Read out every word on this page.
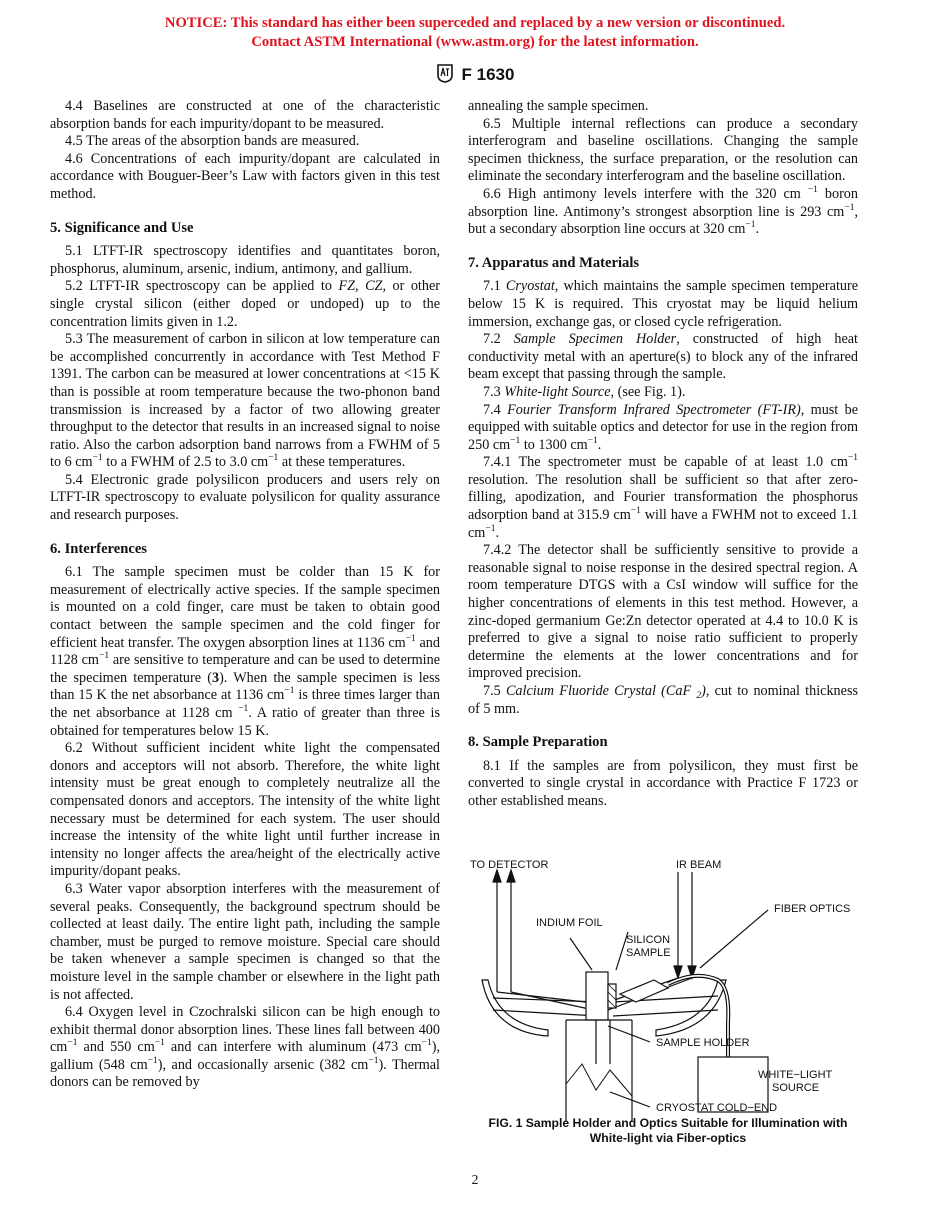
NOTICE: This standard has either been superceded and replaced by a new version or discontinued.
Contact ASTM International (www.astm.org) for the latest information.
F 1630

4.4 Baselines are constructed at one of the characteristic absorption bands for each impurity/dopant to be measured.

4.5 The areas of the absorption bands are measured.

4.6 Concentrations of each impurity/dopant are calculated in accordance with Bouguer-Beer’s Law with factors given in this test method.

5. Significance and Use

5.1 LTFT-IR spectroscopy identifies and quantitates boron, phosphorus, aluminum, arsenic, indium, antimony, and gallium.

5.2 LTFT-IR spectroscopy can be applied to FZ, CZ, or other single crystal silicon (either doped or undoped) up to the concentration limits given in 1.2.

5.3 The measurement of carbon in silicon at low temperature can be accomplished concurrently in accordance with Test Method F 1391. The carbon can be measured at lower concentrations at <15 K than is possible at room temperature because the two-phonon band transmission is increased by a factor of two allowing greater throughput to the detector that results in an increased signal to noise ratio. Also the carbon adsorption band narrows from a FWHM of 5 to 6 $cm^{-1}$ to a FWHM of 2.5 to 3.0 $cm^{-1}$ at these temperatures.

5.4 Electronic grade polysilicon producers and users rely on LTFT-IR spectroscopy to evaluate polysilicon for quality assurance and research purposes.

6. Interferences

6.1 The sample specimen must be colder than 15 K for measurement of electrically active species. If the sample specimen is mounted on a cold finger, care must be taken to obtain good contact between the sample specimen and the cold finger for efficient heat transfer. The oxygen absorption lines at 1136 $cm^{-1}$ and 1128 $cm^{-1}$ are sensitive to temperature and can be used to determine the specimen temperature (3). When the sample specimen is less than 15 K the net absorbance at 1136 $cm^{-1}$ is three times larger than the net absorbance at 1128 cm $^{-1}$. A ratio of greater than three is obtained for temperatures below 15 K.

6.2 Without sufficient incident white light the compensated donors and acceptors will not absorb. Therefore, the white light intensity must be great enough to completely neutralize all the compensated donors and acceptors. The intensity of the white light necessary must be determined for each system. The user should increase the intensity of the white light until further increase in intensity no longer affects the area/height of the electrically active impurity/dopant peaks.

6.3 Water vapor absorption interferes with the measurement of several peaks. Consequently, the background spectrum should be collected at least daily. The entire light path, including the sample chamber, must be purged to remove moisture. Special care should be taken whenever a sample specimen is changed so that the moisture level in the sample chamber or elsewhere in the light path is not affected.

6.4 Oxygen level in Czochralski silicon can be high enough to exhibit thermal donor absorption lines. These lines fall between 400 $cm^{-1}$ and 550 $cm^{-1}$ and can interfere with aluminum (473 $cm^{-1}$), gallium (548 $cm^{-1}$), and occasionally arsenic (382 $cm^{-1}$). Thermal donors can be removed by

annealing the sample specimen.

6.5 Multiple internal reflections can produce a secondary interferogram and baseline oscillations. Changing the sample specimen thickness, the surface preparation, or the resolution can eliminate the secondary interferogram and the baseline oscillation.

6.6 High antimony levels interfere with the 320 cm $^{-1}$ boron absorption line. Antimony’s strongest absorption line is 293 $cm^{-1}$, but a secondary absorption line occurs at 320 $cm^{-1}$.

7. Apparatus and Materials

7.1 Cryostat, which maintains the sample specimen temperature below 15 K is required. This cryostat may be liquid helium immersion, exchange gas, or closed cycle refrigeration.

7.2 Sample Specimen Holder, constructed of high heat conductivity metal with an aperture(s) to block any of the infrared beam except that passing through the sample.

7.3 White-light Source, (see Fig. 1).

7.4 Fourier Transform Infrared Spectrometer (FT-IR), must be equipped with suitable optics and detector for use in the region from 250 $cm^{-1}$ to 1300 $cm^{-1}$.

7.4.1 The spectrometer must be capable of at least 1.0 $cm^{-1}$ resolution. The resolution shall be sufficient so that after zero-filling, apodization, and Fourier transformation the phosphorus adsorption band at 315.9 $cm^{-1}$ will have a FWHM not to exceed 1.1 $cm^{-1}$.

7.4.2 The detector shall be sufficiently sensitive to provide a reasonable signal to noise response in the desired spectral region. A room temperature DTGS with a CsI window will suffice for the higher concentrations of elements in this test method. However, a zinc-doped germanium Ge:Zn detector operated at 4.4 to 10.0 K is preferred to give a signal to noise ratio sufficient to properly determine the elements at the lower concentrations and for improved precision.

7.5 Calcium Fluoride Crystal (CaF $_2$), cut to nominal thickness of 5 mm.

8. Sample Preparation

8.1 If the samples are from polysilicon, they must first be converted to single crystal in accordance with Practice F 1723 or other established means.

TO DETECTOR	IR BEAM
FIBER OPTICS
INDIUM FOIL
SILICON
SAMPLE
SAMPLE HOLDER
WHITE−LIGHT
SOURCE
CRYOSTAT COLD−END
FIG. 1 Sample Holder and Optics Suitable for Illumination with
White-light via Fiber-optics
2
